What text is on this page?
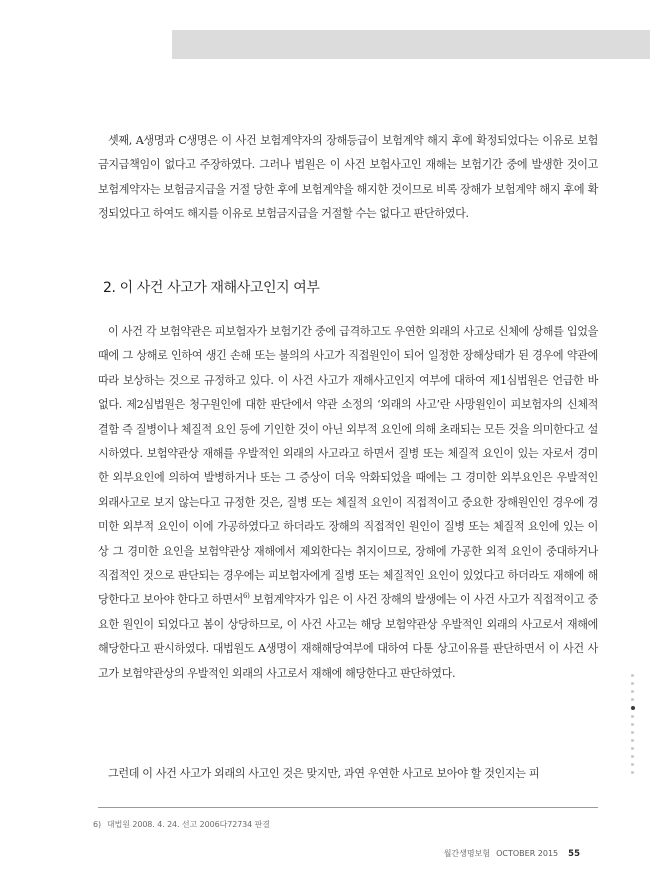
셋째, A생명과 C생명은 이 사건 보험계약자의 장해등급이 보험계약 해지 후에 확정되었다는 이유로 보험금지급책임이 없다고 주장하였다. 그러나 법원은 이 사건 보험사고인 재해는 보험기간 중에 발생한 것이고 보험계약자는 보험금지급을 거절 당한 후에 보험계약을 해지한 것이므로 비록 장해가 보험계약 해지 후에 확정되었다고 하여도 해지를 이유로 보험금지급을 거절할 수는 없다고 판단하였다.

2. 이 사건 사고가 재해사고인지 여부

이 사건 각 보험약관은 피보험자가 보험기간 중에 급격하고도 우연한 외래의 사고로 신체에 상해를 입었을 때에 그 상해로 인하여 생긴 손해 또는 불의의 사고가 직접원인이 되어 일정한 장해상태가 된 경우에 약관에 따라 보상하는 것으로 규정하고 있다. 이 사건 사고가 재해사고인지 여부에 대하여 제1심법원은 언급한 바 없다. 제2심법원은 청구원인에 대한 판단에서 약관 소정의 ‘외래의 사고’란 사망원인이 피보험자의 신체적 결함 즉 질병이나 체질적 요인 등에 기인한 것이 아닌 외부적 요인에 의해 초래되는 모든 것을 의미한다고 설시하였다. 보험약관상 재해를 우발적인 외래의 사고라고 하면서 질병 또는 체질적 요인이 있는 자로서 경미한 외부요인에 의하여 발병하거나 또는 그 증상이 더욱 악화되었을 때에는 그 경미한 외부요인은 우발적인 외래사고로 보지 않는다고 규정한 것은, 질병 또는 체질적 요인이 직접적이고 중요한 장해원인인 경우에 경미한 외부적 요인이 이에 가공하였다고 하더라도 장해의 직접적인 원인이 질병 또는 체질적 요인에 있는 이상 그 경미한 요인을 보험약관상 재해에서 제외한다는 취지이므로, 장해에 가공한 외적 요인이 중대하거나 직접적인 것으로 판단되는 경우에는 피보험자에게 질병 또는 체질적인 요인이 있었다고 하더라도 재해에 해당한다고 보아야 한다고 하면서$^{6)}$ 보험계약자가 입은 이 사건 장해의 발생에는 이 사건 사고가 직접적이고 중요한 원인이 되었다고 봄이 상당하므로, 이 사건 사고는 해당 보험약관상 우발적인 외래의 사고로서 재해에 해당한다고 판시하였다. 대법원도 A생명이 재해해당여부에 대하여 다툰 상고이유를 판단하면서 이 사건 사고가 보험약관상의 우발적인 외래의 사고로서 재해에 해당한다고 판단하였다.

그런데 이 사건 사고가 외래의 사고인 것은 맞지만, 과연 우연한 사고로 보아야 할 것인지는 피

6) 대법원 2008. 4. 24. 선고 2006다72734 판결
월간생명보험 OCTOBER 2015 55
